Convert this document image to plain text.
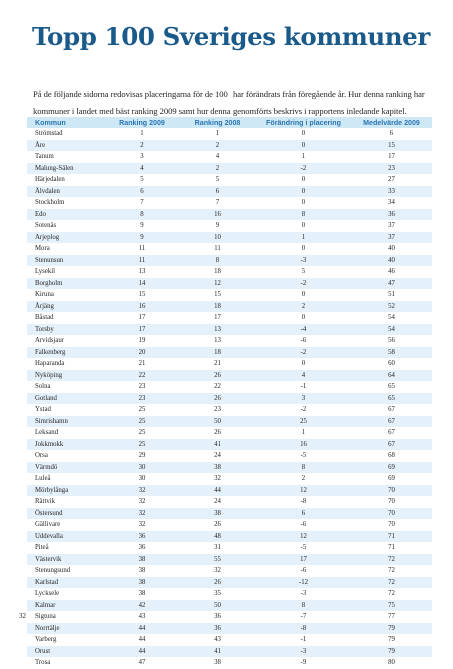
Topp 100 Sveriges kommuner
På de följande sidorna redovisas placeringarna för de 100
kommuner i landet med bäst ranking 2009 samt hur denna
har förändrats från föregående år. Hur denna ranking har
genomförts beskrivs i rapportens inledande kapitel.
Kommun	Ranking 2009	Ranking 2008	Förändring i placering	Medelvärde 2009
Strömstad	1	1	0	6
Åre	2	2	0	15
Tanum	3	4	1	17
Malung-Sälen	4	2	-2	23
Härjedalen	5	5	0	27
Älvdalen	6	6	0	33
Stockholm	7	7	0	34
Edo	8	16	8	36
Sotenäs	9	9	0	37
Arjeplog	9	10	1	37
Mora	11	11	0	40
Stenunsun	11	8	-3	40
Lysekil	13	18	5	46
Borgholm	14	12	-2	47
Kiruna	15	15	0	51
Årjäng	16	18	2	52
Båstad	17	17	0	54
Torsby	17	13	-4	54
Arvidsjaur	19	13	-6	56
Falkenberg	20	18	-2	58
Haparanda	21	21	0	60
Nyköping	22	26	4	64
Solna	23	22	-1	65
Gotland	23	26	3	65
Ystad	25	23	-2	67
Simrishamn	25	50	25	67
Leksand	25	26	1	67
Jokkmokk	25	41	16	67
Orsa	29	24	-5	68
Värmdö	30	38	8	69
Luleå	30	32	2	69
Mörbylånga	32	44	12	70
Rättvik	32	24	-8	70
Östersund	32	38	6	70
Gällivare	32	26	-6	70
Uddevalla	36	48	12	71
Piteå	36	31	-5	71
Västervik	38	55	17	72
Stenungsund	38	32	-6	72
Karlstad	38	26	-12	72
Lycksele	38	35	-3	72
Kalmar	42	50	8	75
Sigtuna	43	36	-7	77
Norrtälje	44	36	-8	79
Varberg	44	43	-1	79
Orust	44	41	-3	79
Trosa	47	38	-9	80
32
